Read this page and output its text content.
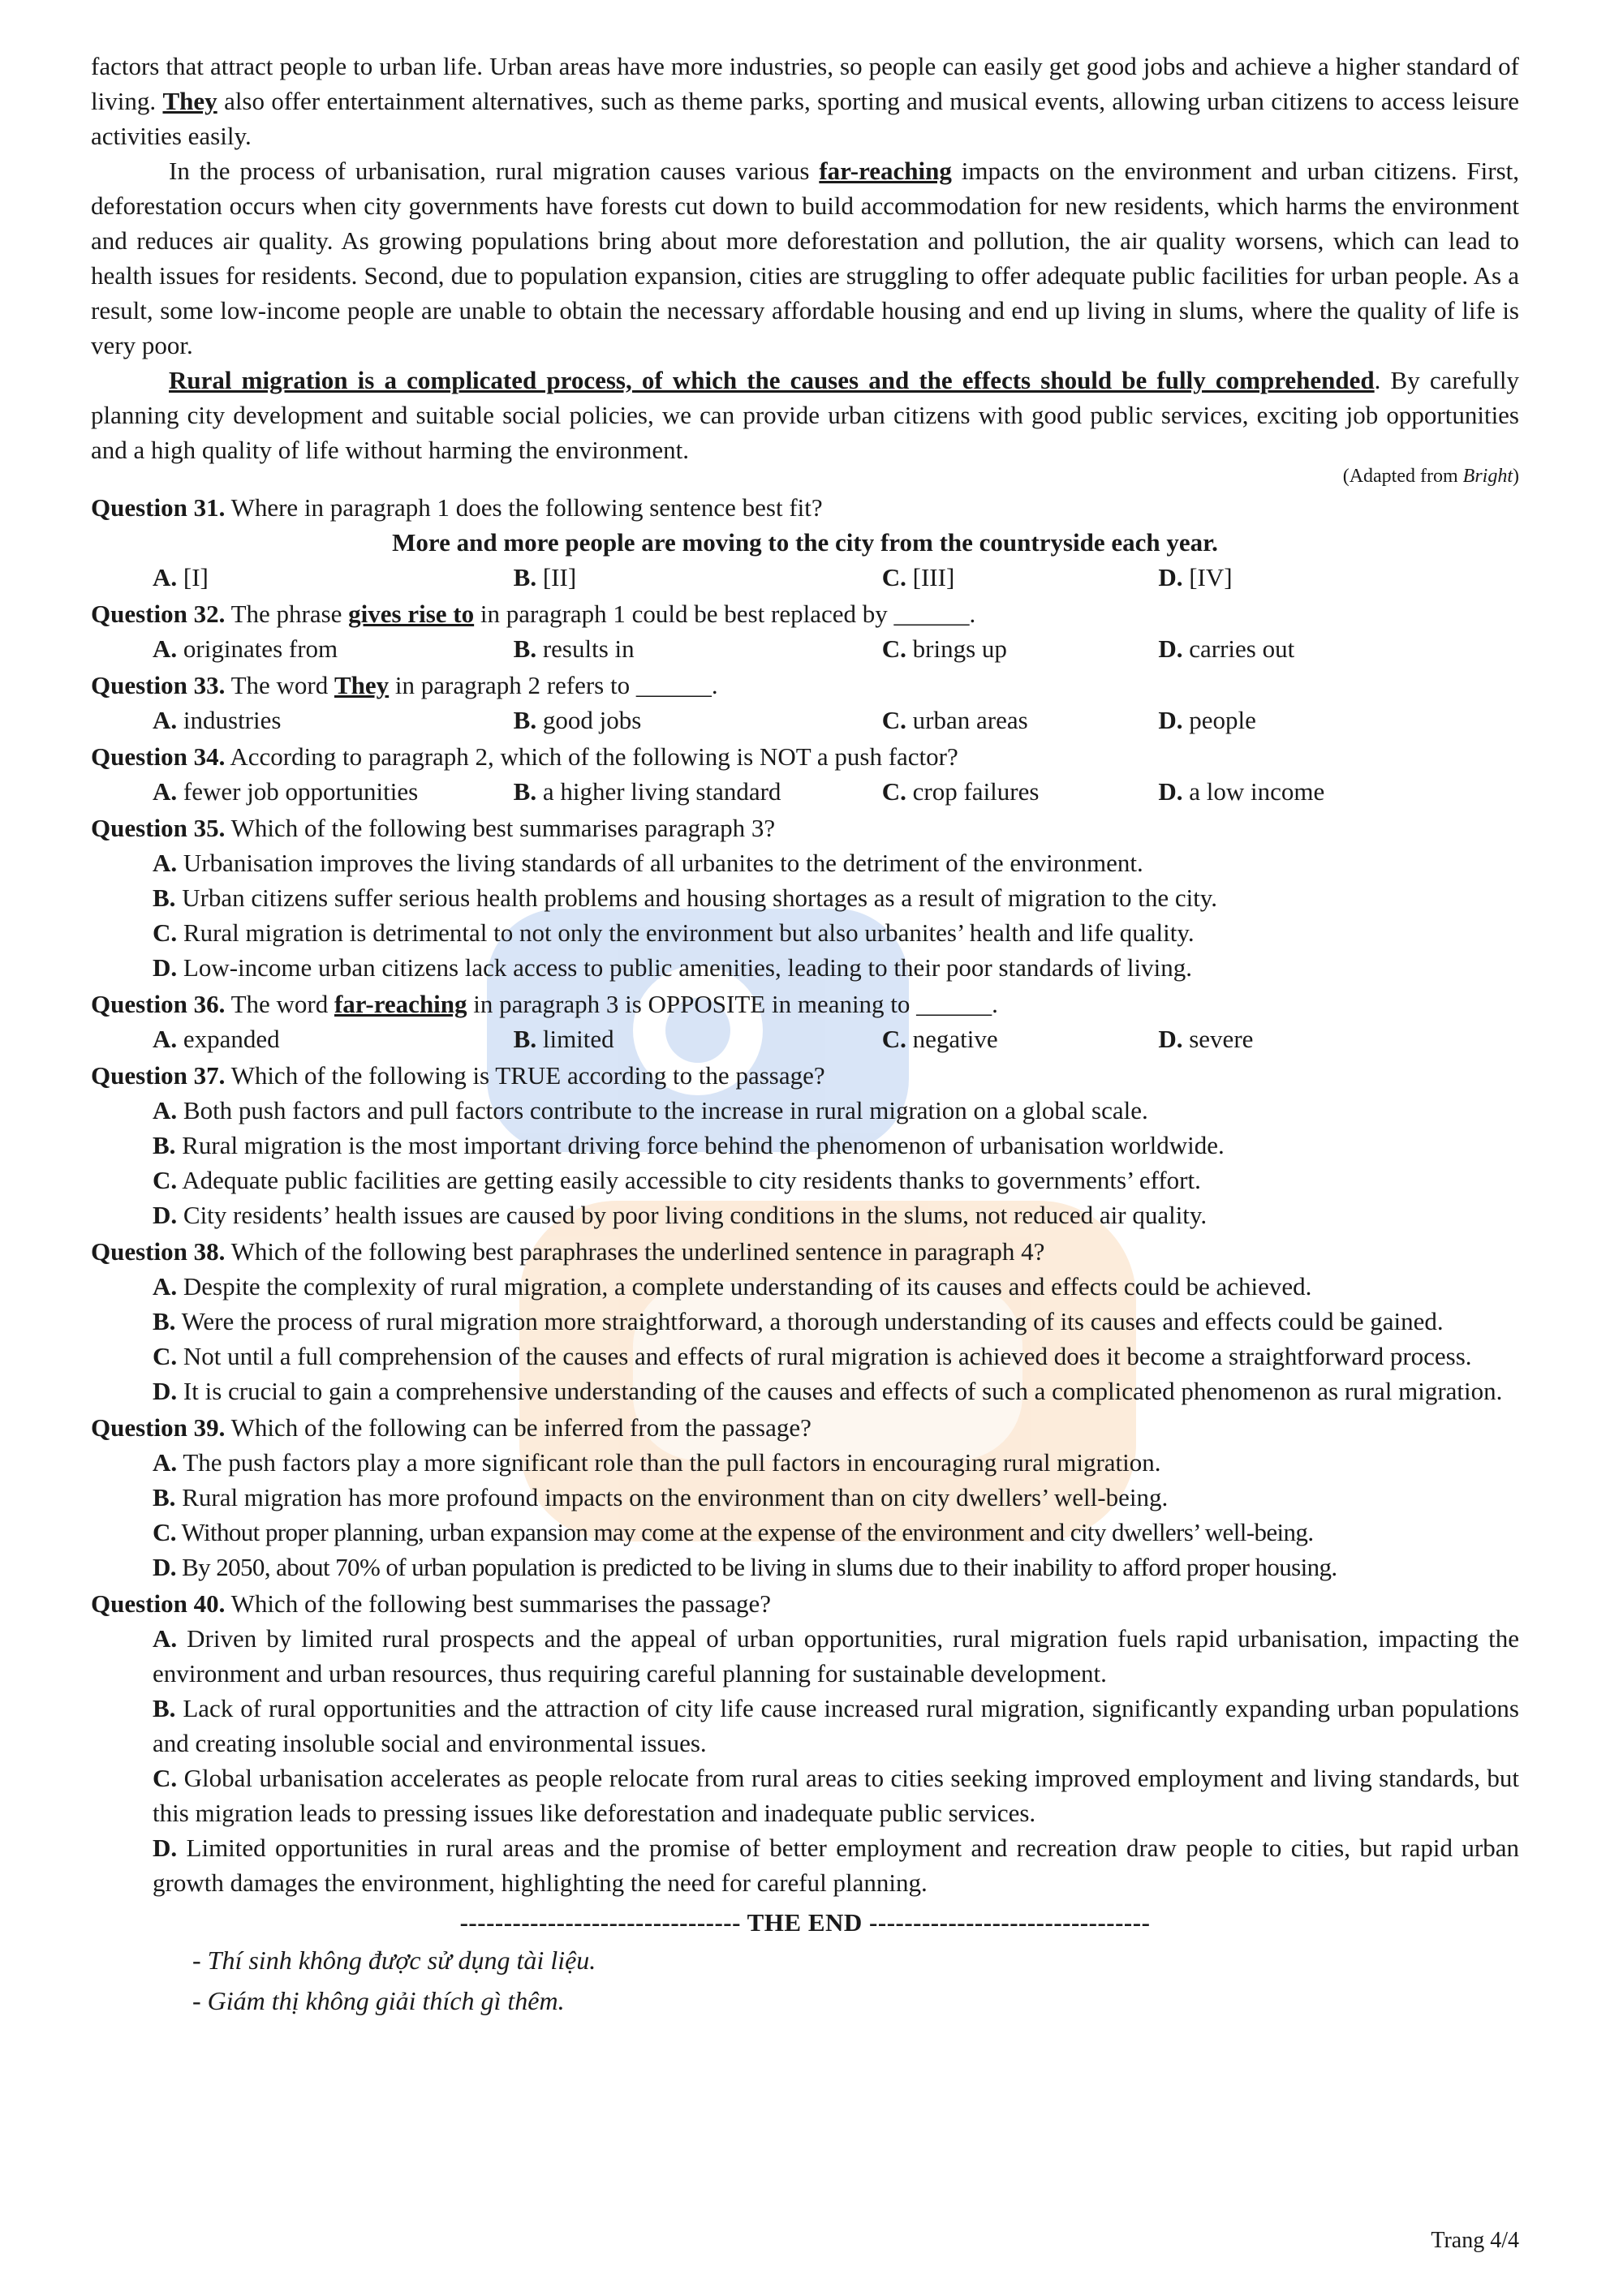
factors that attract people to urban life. Urban areas have more industries, so people can easily get good jobs and achieve a higher standard of living. They also offer entertainment alternatives, such as theme parks, sporting and musical events, allowing urban citizens to access leisure activities easily.

In the process of urbanisation, rural migration causes various far-reaching impacts on the environment and urban citizens. First, deforestation occurs when city governments have forests cut down to build accommodation for new residents, which harms the environment and reduces air quality. As growing populations bring about more deforestation and pollution, the air quality worsens, which can lead to health issues for residents. Second, due to population expansion, cities are struggling to offer adequate public facilities for urban people. As a result, some low-income people are unable to obtain the necessary affordable housing and end up living in slums, where the quality of life is very poor.

Rural migration is a complicated process, of which the causes and the effects should be fully comprehended. By carefully planning city development and suitable social policies, we can provide urban citizens with good public services, exciting job opportunities and a high quality of life without harming the environment.

(Adapted from Bright)

Question 31. Where in paragraph 1 does the following sentence best fit?

More and more people are moving to the city from the countryside each year.

A. [I]	B. [II]	C. [III]	D. [IV]

Question 32. The phrase gives rise to in paragraph 1 could be best replaced by ______.

A. originates from	B. results in	C. brings up	D. carries out

Question 33. The word They in paragraph 2 refers to ______.

A. industries	B. good jobs	C. urban areas	D. people

Question 34. According to paragraph 2, which of the following is NOT a push factor?

A. fewer job opportunities	B. a higher living standard	C. crop failures	D. a low income

Question 35. Which of the following best summarises paragraph 3?

A. Urbanisation improves the living standards of all urbanites to the detriment of the environment.

B. Urban citizens suffer serious health problems and housing shortages as a result of migration to the city.

C. Rural migration is detrimental to not only the environment but also urbanites’ health and life quality.

D. Low-income urban citizens lack access to public amenities, leading to their poor standards of living.

Question 36. The word far-reaching in paragraph 3 is OPPOSITE in meaning to ______.

A. expanded	B. limited	C. negative	D. severe

Question 37. Which of the following is TRUE according to the passage?

A. Both push factors and pull factors contribute to the increase in rural migration on a global scale.

B. Rural migration is the most important driving force behind the phenomenon of urbanisation worldwide.

C. Adequate public facilities are getting easily accessible to city residents thanks to governments’ effort.

D. City residents’ health issues are caused by poor living conditions in the slums, not reduced air quality.

Question 38. Which of the following best paraphrases the underlined sentence in paragraph 4?

A. Despite the complexity of rural migration, a complete understanding of its causes and effects could be achieved.

B. Were the process of rural migration more straightforward, a thorough understanding of its causes and effects could be gained.

C. Not until a full comprehension of the causes and effects of rural migration is achieved does it become a straightforward process.

D. It is crucial to gain a comprehensive understanding of the causes and effects of such a complicated phenomenon as rural migration.

Question 39. Which of the following can be inferred from the passage?

A. The push factors play a more significant role than the pull factors in encouraging rural migration.

B. Rural migration has more profound impacts on the environment than on city dwellers’ well-being.

C. Without proper planning, urban expansion may come at the expense of the environment and city dwellers’ well-being.

D. By 2050, about 70% of urban population is predicted to be living in slums due to their inability to afford proper housing.

Question 40. Which of the following best summarises the passage?

A. Driven by limited rural prospects and the appeal of urban opportunities, rural migration fuels rapid urbanisation, impacting the environment and urban resources, thus requiring careful planning for sustainable development.

B. Lack of rural opportunities and the attraction of city life cause increased rural migration, significantly expanding urban populations and creating insoluble social and environmental issues.

C. Global urbanisation accelerates as people relocate from rural areas to cities seeking improved employment and living standards, but this migration leads to pressing issues like deforestation and inadequate public services.

D. Limited opportunities in rural areas and the promise of better employment and recreation draw people to cities, but rapid urban growth damages the environment, highlighting the need for careful planning.

-------------------------------- THE END --------------------------------

- Thí sinh không được sử dụng tài liệu.

- Giám thị không giải thích gì thêm.

Trang 4/4
